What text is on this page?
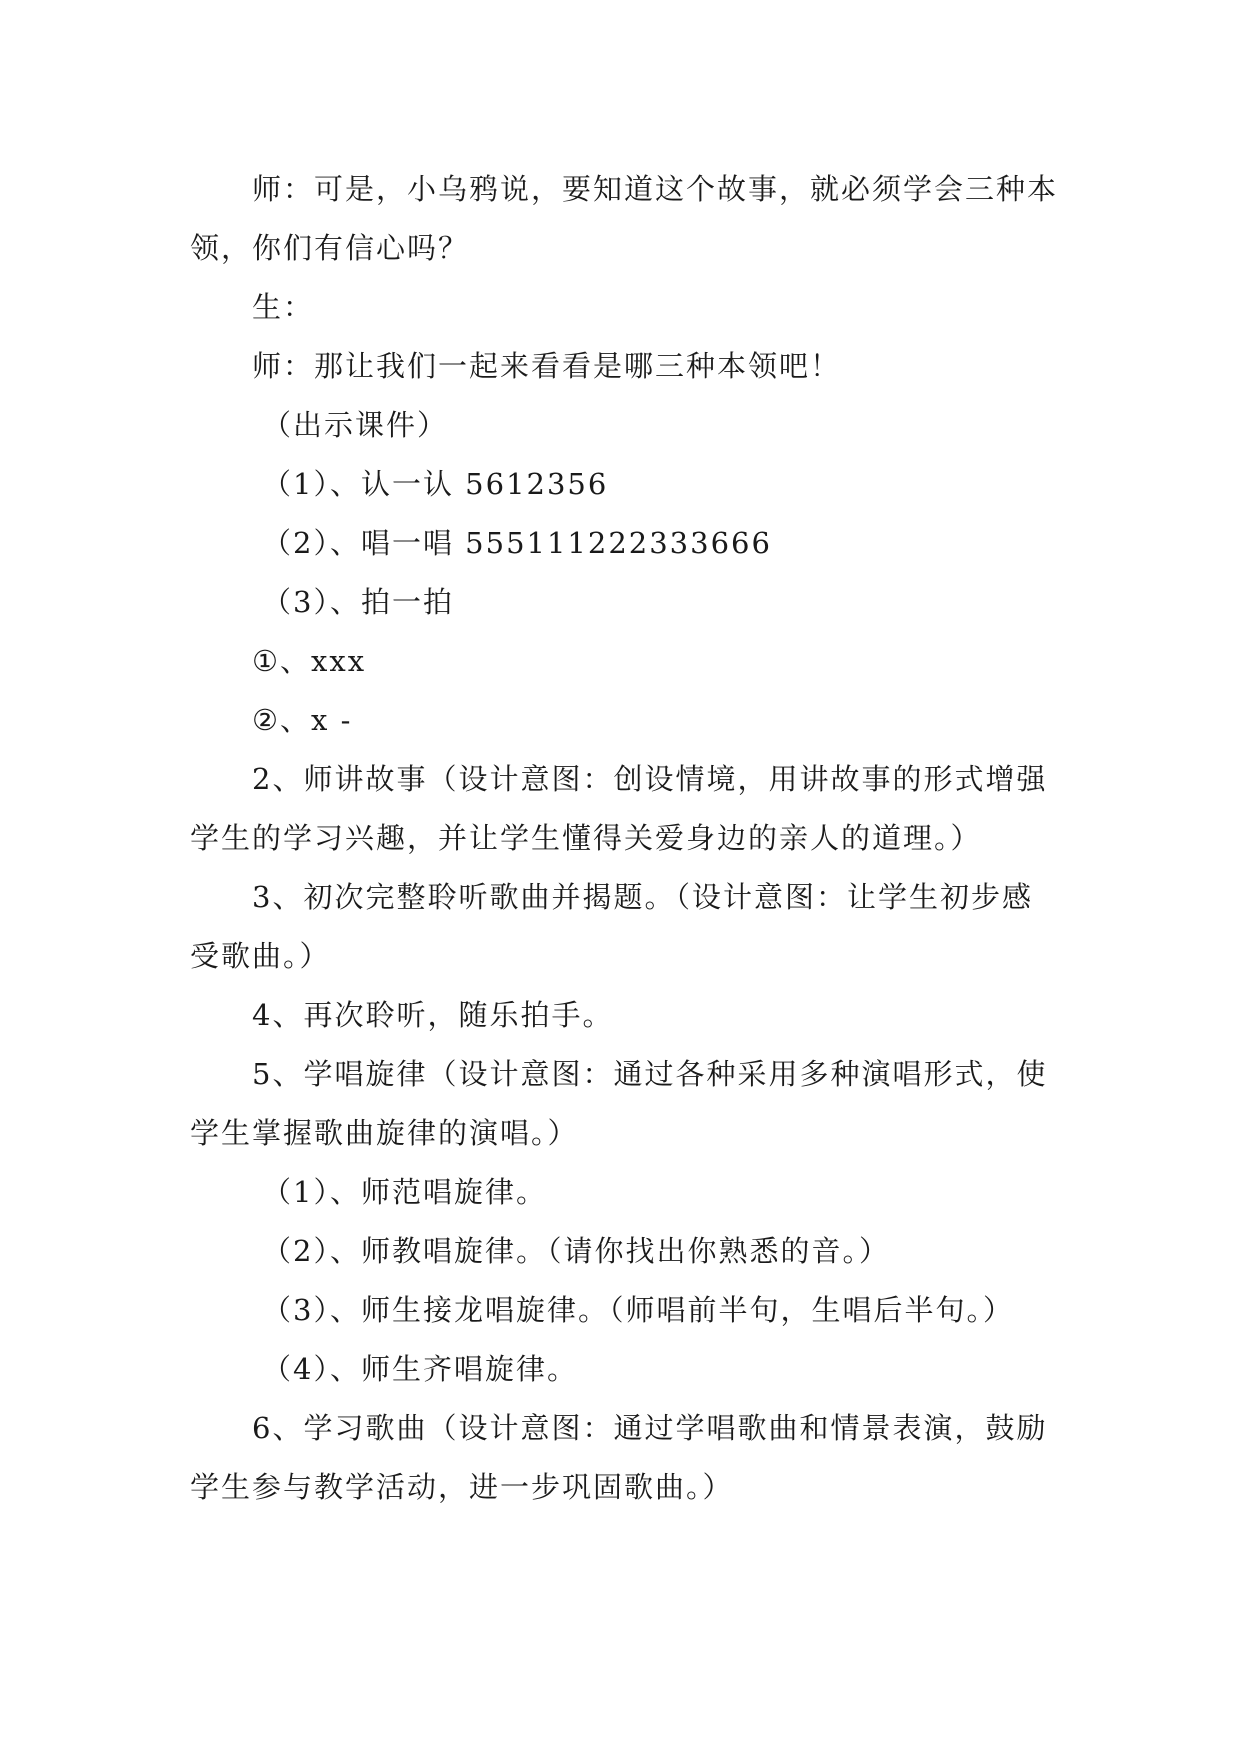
师：可是，小乌鸦说，要知道这个故事，就必须学会三种本领，你们有信心吗？

生：

师：那让我们一起来看看是哪三种本领吧！

（出示课件）

（1）、认一认 5612356

（2）、唱一唱 555111222333666

（3）、拍一拍

①、xxx

②、x -

2、师讲故事（设计意图：创设情境，用讲故事的形式增强学生的学习兴趣，并让学生懂得关爱身边的亲人的道理。）

3、初次完整聆听歌曲并揭题。（设计意图：让学生初步感受歌曲。）

4、再次聆听，随乐拍手。

5、学唱旋律（设计意图：通过各种采用多种演唱形式，使学生掌握歌曲旋律的演唱。）

（1）、师范唱旋律。

（2）、师教唱旋律。（请你找出你熟悉的音。）

（3）、师生接龙唱旋律。（师唱前半句，生唱后半句。）

（4）、师生齐唱旋律。

6、学习歌曲（设计意图：通过学唱歌曲和情景表演，鼓励学生参与教学活动，进一步巩固歌曲。）
